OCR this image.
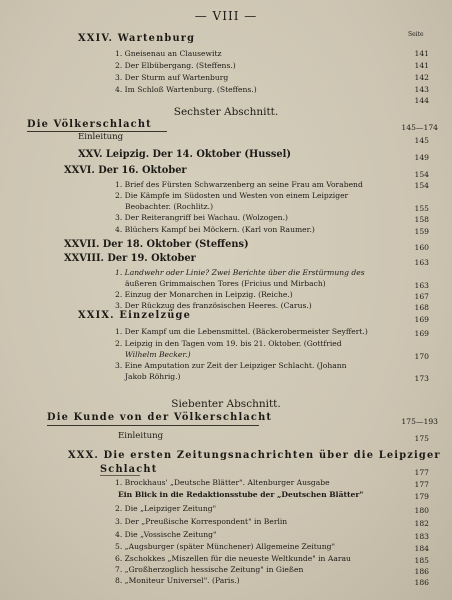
— VIII —
Seite
XXIV. Wartenburg
1. Gneisenau an Clausewitz	141
2. Der Elbübergang. (Steffens.)	141
3. Der Sturm auf Wartenburg	142
4. Im Schloß Wartenburg. (Steffens.)	143
144
Sechster Abschnitt.
Die Völkerschlacht	145—174
Einleitung	145
XXV. Leipzig. Der 14. Oktober (Hussel)	149
XXVI. Der 16. Oktober	154
1. Brief des Fürsten Schwarzenberg an seine Frau am Vorabend	154
2. Die Kämpfe im Südosten und Westen von einem Leipziger
Beobachter. (Rochlitz.)	155
3. Der Reiterangriff bei Wachau. (Wolzogen.)	158
4. Blüchers Kampf bei Möckern. (Karl von Raumer.)	159
XXVII. Der 18. Oktober (Steffens)	160
XXVIII. Der 19. Oktober	163
1. Landwehr oder Linie? Zwei Berichte über die Erstürmung des
äußeren Grimmaischen Tores (Fricius und Mirbach)	163
2. Einzug der Monarchen in Leipzig. (Reiche.)	167
3. Der Rückzug des französischen Heeres. (Carus.)	168
XXIX. Einzelzüge	169
1. Der Kampf um die Lebensmittel. (Bäckerobermeister Seyffert.)	169
2. Leipzig in den Tagen vom 19. bis 21. Oktober. (Gottfried
Wilhelm Becker.)	170
3. Eine Amputation zur Zeit der Leipziger Schlacht. (Johann
Jakob Röhrig.)	173
Siebenter Abschnitt.
Die Kunde von der Völkerschlacht	175—193
Einleitung	175
XXX. Die ersten Zeitungsnachrichten über die Leipziger
Schlacht	177
1. Brockhaus' „Deutsche Blätter". Altenburger Ausgabe	177
Ein Blick in die Redaktionsstube der „Deutschen Blätter"	179
2. Die „Leipziger Zeitung"	180
3. Der „Preußische Korrespondent" in Berlin	182
4. Die „Vossische Zeitung"	183
5. „Augsburger (später Münchener) Allgemeine Zeitung"	184
6. Zschokkes „Miszellen für die neueste Weltkunde" in Aarau	185
7. „Großherzoglich hessische Zeitung" in Gießen	186
8. „Moniteur Universel". (Paris.)	186
